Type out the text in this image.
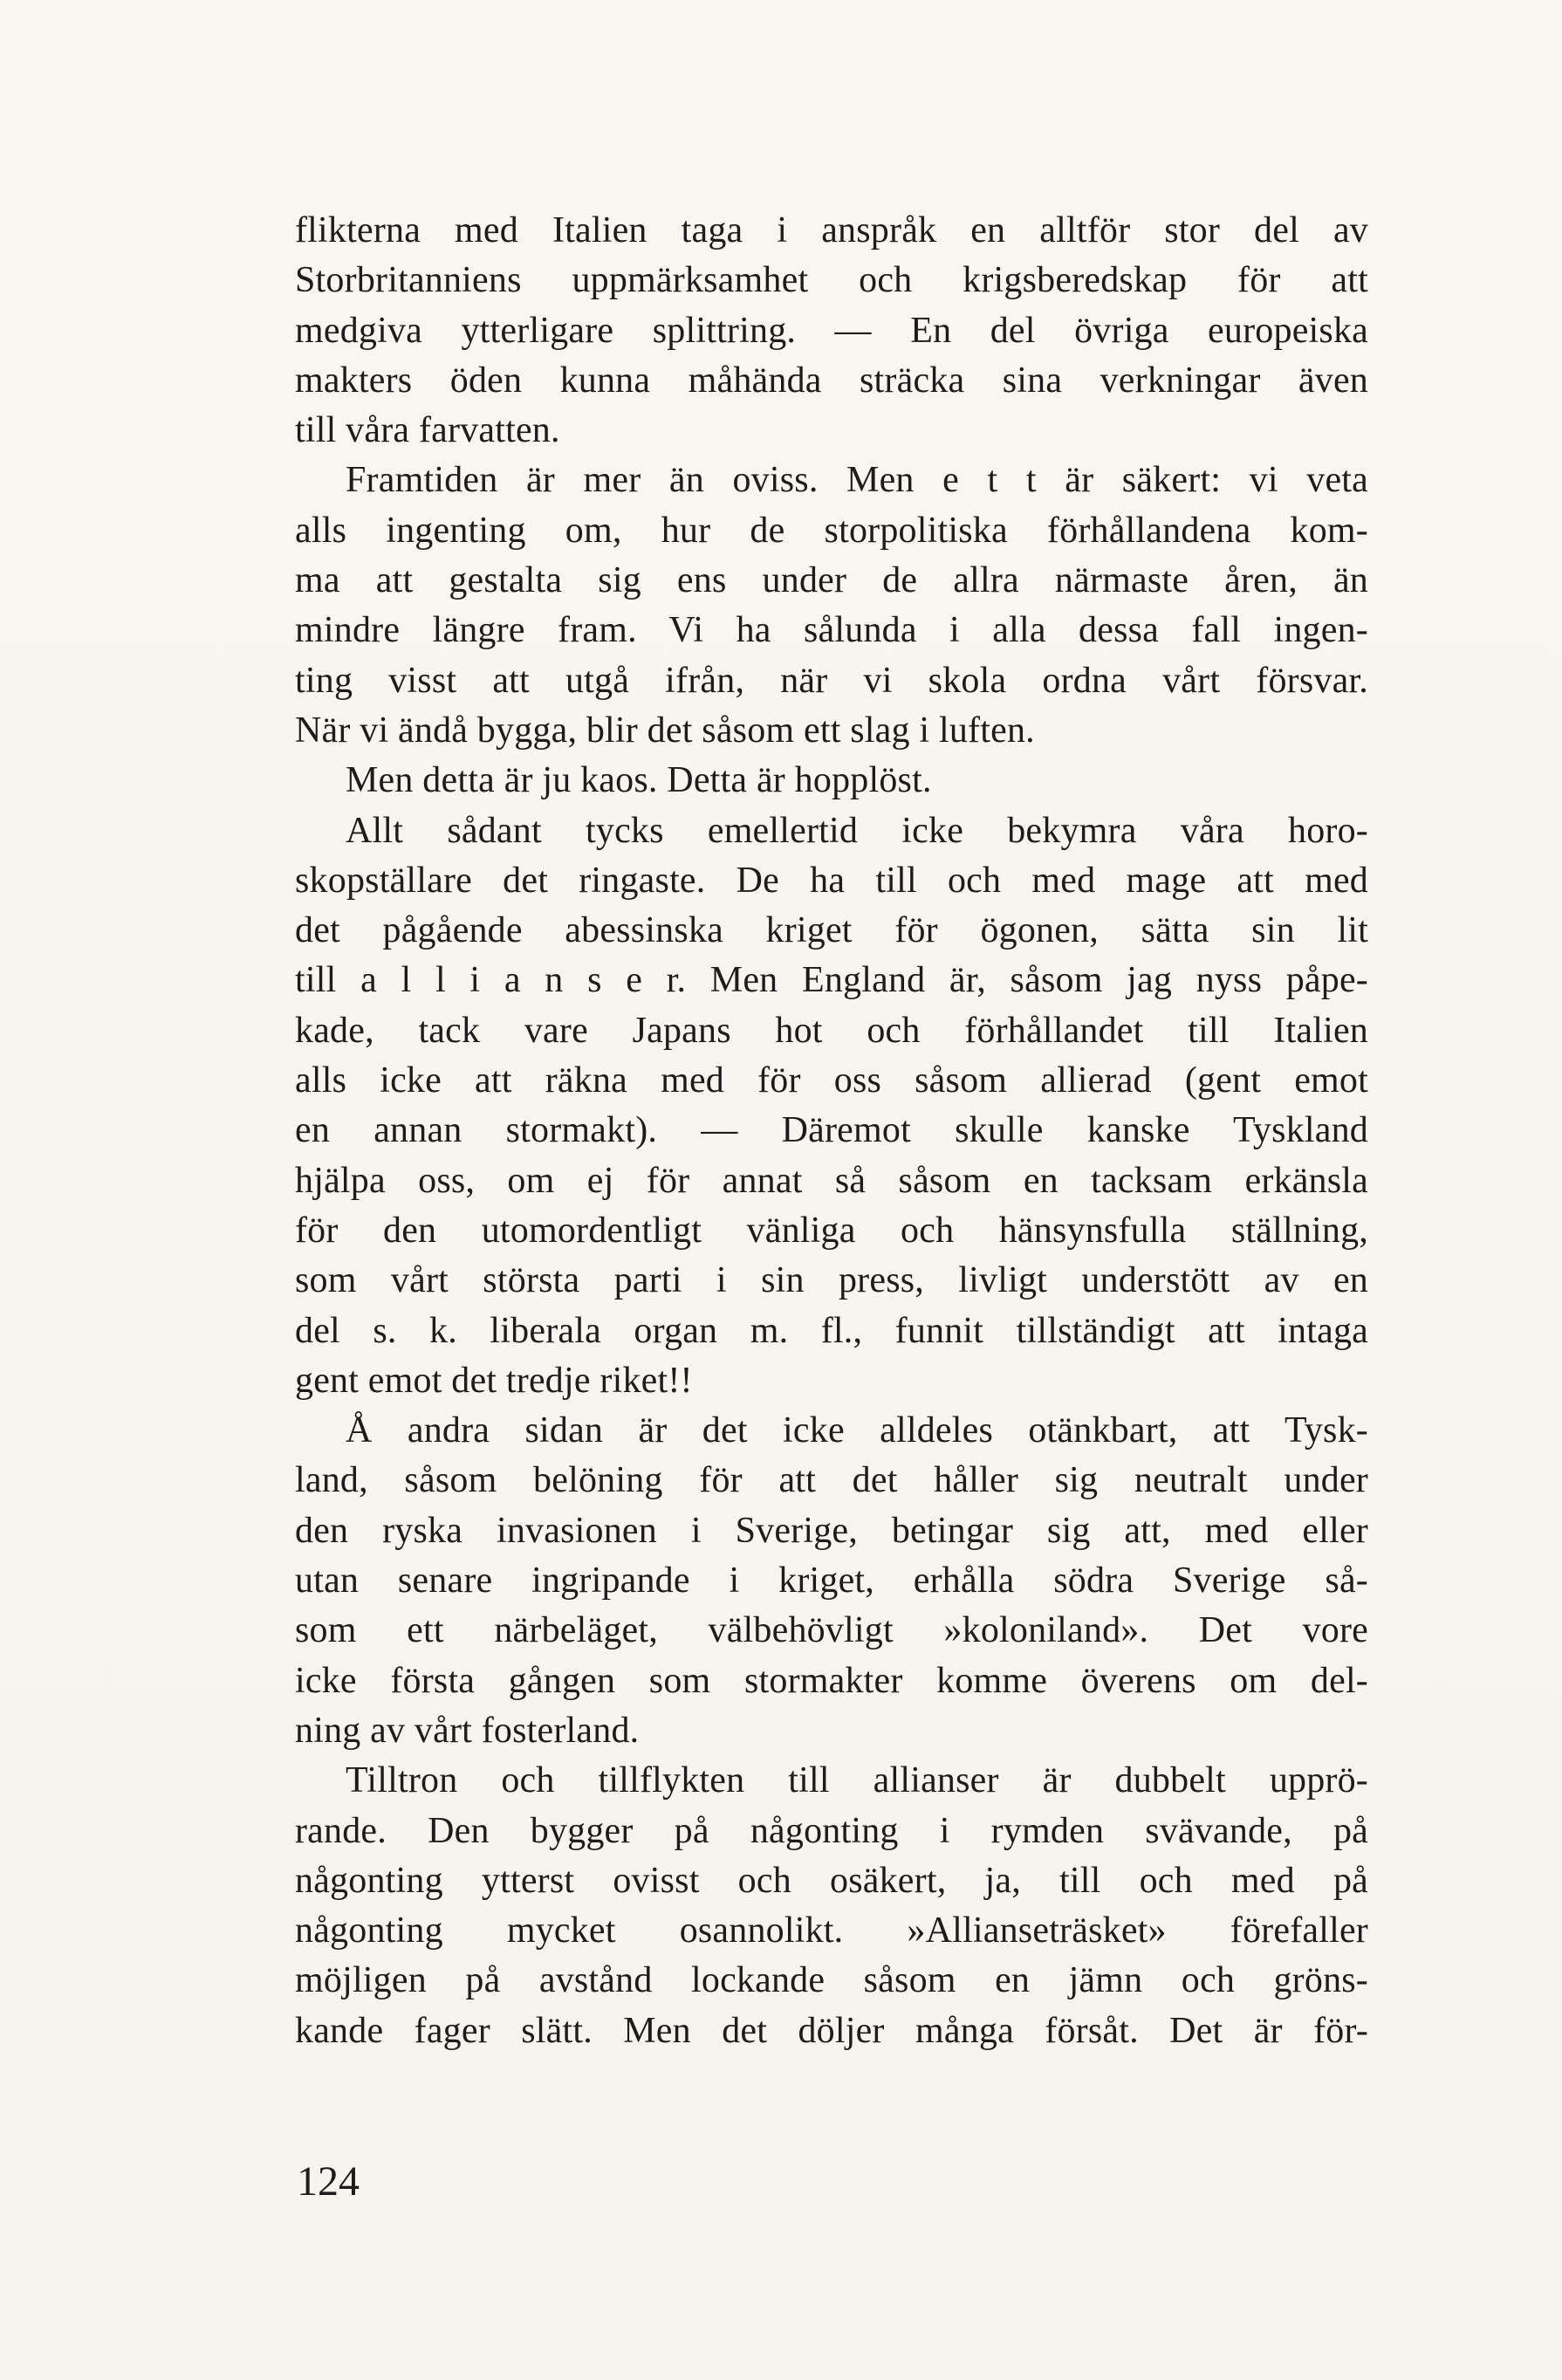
flikterna med Italien taga i anspråk en alltför stor del av
Storbritanniens uppmärksamhet och krigsberedskap för att
medgiva ytterligare splittring. — En del övriga europeiska
makters öden kunna måhända sträcka sina verkningar även
till våra farvatten.
Framtiden är mer än oviss. Men e t t är säkert: vi veta
alls ingenting om, hur de storpolitiska förhållandena kom-
ma att gestalta sig ens under de allra närmaste åren, än
mindre längre fram. Vi ha sålunda i alla dessa fall ingen-
ting visst att utgå ifrån, när vi skola ordna vårt försvar.
När vi ändå bygga, blir det såsom ett slag i luften.
Men detta är ju kaos. Detta är hopplöst.
Allt sådant tycks emellertid icke bekymra våra horo-
skopställare det ringaste. De ha till och med mage att med
det pågående abessinska kriget för ögonen, sätta sin lit
till a l l i a n s e r. Men England är, såsom jag nyss påpe-
kade, tack vare Japans hot och förhållandet till Italien
alls icke att räkna med för oss såsom allierad (gent emot
en annan stormakt). — Däremot skulle kanske Tyskland
hjälpa oss, om ej för annat så såsom en tacksam erkänsla
för den utomordentligt vänliga och hänsynsfulla ställning,
som vårt största parti i sin press, livligt understött av en
del s. k. liberala organ m. fl., funnit tillständigt att intaga
gent emot det tredje riket!!
Å andra sidan är det icke alldeles otänkbart, att Tysk-
land, såsom belöning för att det håller sig neutralt under
den ryska invasionen i Sverige, betingar sig att, med eller
utan senare ingripande i kriget, erhålla södra Sverige så-
som ett närbeläget, välbehövligt »koloniland». Det vore
icke första gången som stormakter komme överens om del-
ning av vårt fosterland.
Tilltron och tillflykten till allianser är dubbelt upprö-
rande. Den bygger på någonting i rymden svävande, på
någonting ytterst ovisst och osäkert, ja, till och med på
någonting mycket osannolikt. »Allianseträsket» förefaller
möjligen på avstånd lockande såsom en jämn och gröns-
kande fager slätt. Men det döljer många försåt. Det är för-
124
